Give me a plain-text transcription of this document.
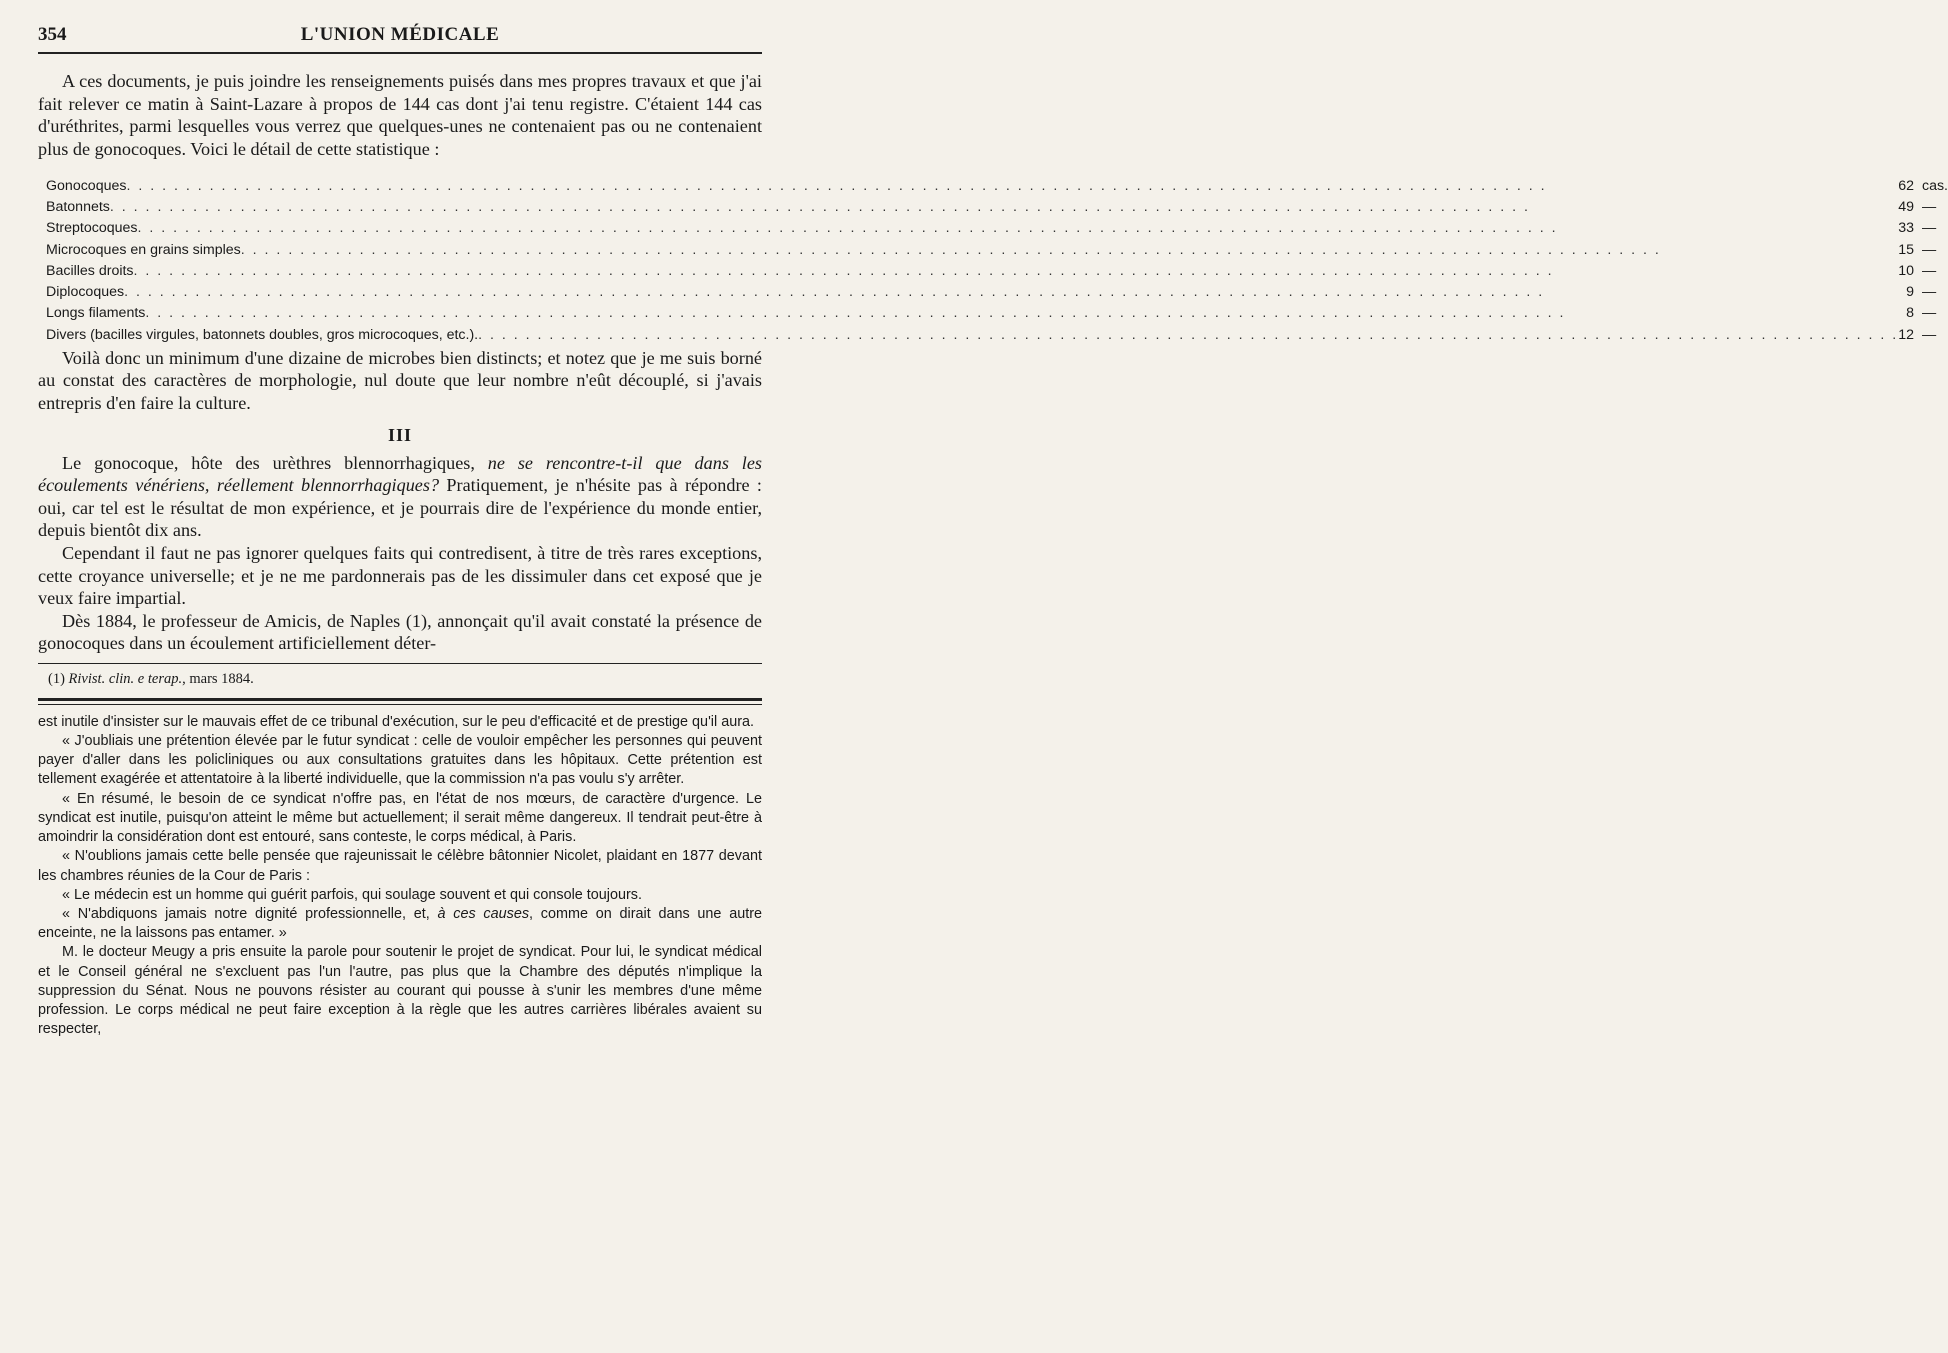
354	L'UNION MÉDICALE

A ces documents, je puis joindre les renseignements puisés dans mes propres travaux et que j'ai fait relever ce matin à Saint-Lazare à propos de 144 cas dont j'ai tenu registre. C'étaient 144 cas d'uréthrites, parmi lesquelles vous verrez que quelques-unes ne contenaient pas ou ne contenaient plus de gonocoques. Voici le détail de cette statistique :

Gonocoques . . . . . . . . . . . . . . . . . . . . . . . . . . . . . . . . . . . . . . . . . . . . . . . . . . . . . . . . . . . . . . . . . . . . . . . . . . . . . . . . . . . . . . . . . . . . . . . . . . . . . . . . . . . . . . . . . . . . . . . .	62	cas.

Batonnets . . . . . . . . . . . . . . . . . . . . . . . . . . . . . . . . . . . . . . . . . . . . . . . . . . . . . . . . . . . . . . . . . . . . . . . . . . . . . . . . . . . . . . . . . . . . . . . . . . . . . . . . . . . . . . . . . . . . . . . .	49	—

Streptocoques . . . . . . . . . . . . . . . . . . . . . . . . . . . . . . . . . . . . . . . . . . . . . . . . . . . . . . . . . . . . . . . . . . . . . . . . . . . . . . . . . . . . . . . . . . . . . . . . . . . . . . . . . . . . . . . . . . . . . . . .	33	—

Microcoques en grains simples . . . . . . . . . . . . . . . . . . . . . . . . . . . . . . . . . . . . . . . . . . . . . . . . . . . . . . . . . . . . . . . . . . . . . . . . . . . . . . . . . . . . . . . . . . . . . . . . . . . . . . . . . . . . . . . . . . . . . . . .	15	—

Bacilles droits . . . . . . . . . . . . . . . . . . . . . . . . . . . . . . . . . . . . . . . . . . . . . . . . . . . . . . . . . . . . . . . . . . . . . . . . . . . . . . . . . . . . . . . . . . . . . . . . . . . . . . . . . . . . . . . . . . . . . . . .	10	—

Diplocoques . . . . . . . . . . . . . . . . . . . . . . . . . . . . . . . . . . . . . . . . . . . . . . . . . . . . . . . . . . . . . . . . . . . . . . . . . . . . . . . . . . . . . . . . . . . . . . . . . . . . . . . . . . . . . . . . . . . . . . . .	9	—

Longs filaments . . . . . . . . . . . . . . . . . . . . . . . . . . . . . . . . . . . . . . . . . . . . . . . . . . . . . . . . . . . . . . . . . . . . . . . . . . . . . . . . . . . . . . . . . . . . . . . . . . . . . . . . . . . . . . . . . . . . . . . .	8	—

Divers (bacilles virgules, batonnets doubles, gros microcoques, etc.). . . . . . . . . . . . . . . . . . . . . . . . . . . . . . . . . . . . . . . . . . . . . . . . . . . . . . . . . . . . . . . . . . . . . . . . . . . . . . . . . . . . . . . . . . . . . . . . . . . . . . . . . . . . . . . . . . . . . . . . .	12	—

Voilà donc un minimum d'une dizaine de microbes bien distincts; et notez que je me suis borné au constat des caractères de morphologie, nul doute que leur nombre n'eût découplé, si j'avais entrepris d'en faire la culture.

III

Le gonocoque, hôte des urèthres blennorrhagiques, ne se rencontre-t-il que dans les écoulements vénériens, réellement blennorrhagiques? Pratiquement, je n'hésite pas à répondre : oui, car tel est le résultat de mon expérience, et je pourrais dire de l'expérience du monde entier, depuis bientôt dix ans.

Cependant il faut ne pas ignorer quelques faits qui contredisent, à titre de très rares exceptions, cette croyance universelle; et je ne me pardonnerais pas de les dissimuler dans cet exposé que je veux faire impartial.

Dès 1884, le professeur de Amicis, de Naples (1), annonçait qu'il avait constaté la présence de gonocoques dans un écoulement artificiellement déter-

(1) Rivist. clin. e terap., mars 1884.

est inutile d'insister sur le mauvais effet de ce tribunal d'exécution, sur le peu d'efficacité et de prestige qu'il aura.

« J'oubliais une prétention élevée par le futur syndicat : celle de vouloir empêcher les personnes qui peuvent payer d'aller dans les policliniques ou aux consultations gratuites dans les hôpitaux. Cette prétention est tellement exagérée et attentatoire à la liberté individuelle, que la commission n'a pas voulu s'y arrêter.

« En résumé, le besoin de ce syndicat n'offre pas, en l'état de nos mœurs, de caractère d'urgence. Le syndicat est inutile, puisqu'on atteint le même but actuellement; il serait même dangereux. Il tendrait peut-être à amoindrir la considération dont est entouré, sans conteste, le corps médical, à Paris.

« N'oublions jamais cette belle pensée que rajeunissait le célèbre bâtonnier Nicolet, plaidant en 1877 devant les chambres réunies de la Cour de Paris :

« Le médecin est un homme qui guérit parfois, qui soulage souvent et qui console toujours.

« N'abdiquons jamais notre dignité professionnelle, et, à ces causes, comme on dirait dans une autre enceinte, ne la laissons pas entamer. »

M. le docteur Meugy a pris ensuite la parole pour soutenir le projet de syndicat. Pour lui, le syndicat médical et le Conseil général ne s'excluent pas l'un l'autre, pas plus que la Chambre des députés n'implique la suppression du Sénat. Nous ne pouvons résister au courant qui pousse à s'unir les membres d'une même profession. Le corps médical ne peut faire exception à la règle que les autres carrières libérales avaient su respecter,
